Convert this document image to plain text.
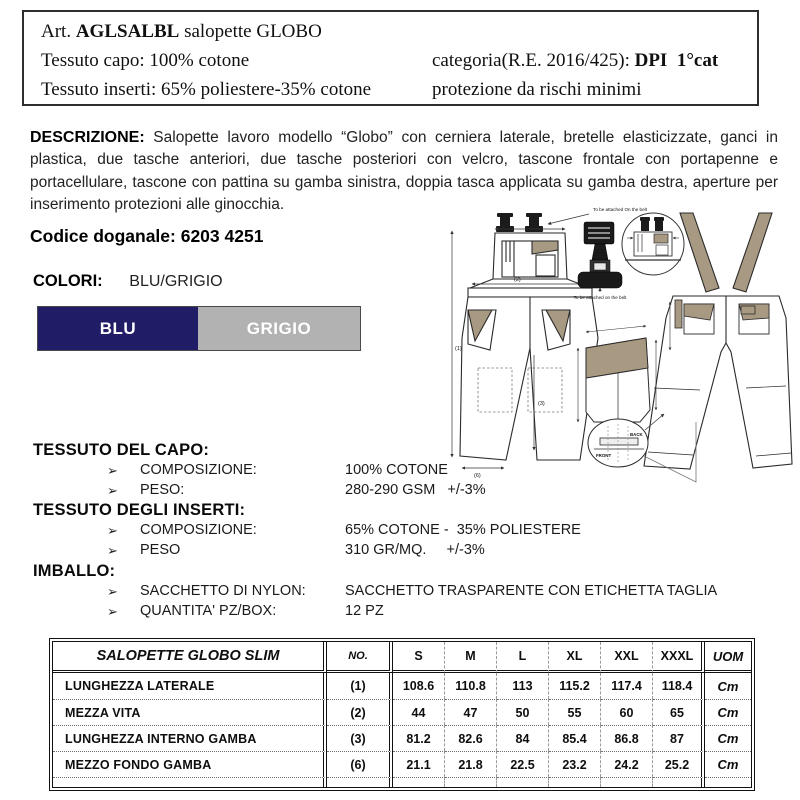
Art. AGLSALBL salopette GLOBO
Tessuto capo: 100% cotone	categoria(R.E. 2016/425): DPI  1°cat
Tessuto inserti: 65% poliestere-35% cotone	protezione da rischi minimi
DESCRIZIONE: Salopette lavoro modello “Globo” con cerniera laterale, bretelle elasticizzate, ganci in plastica, due tasche anteriori, due tasche posteriori con velcro, tascone frontale con portapenne e portacellulare, tascone con pattina su gamba sinistra, doppia tasca applicata su gamba destra, aperture per inserimento protezioni alle ginocchia.
Codice doganale: 6203 4251
COLORI: BLU/GRIGIO
BLU	GRIGIO
(1)
(2)
(3)
(6)
To be attached On the belt
To be attached on the belt
BACK
FRONT
TESSUTO DEL CAPO:
➢	COMPOSIZIONE:	100% COTONE
➢	PESO:	280-290 GSM   +/-3%
TESSUTO DEGLI INSERTI:
➢	COMPOSIZIONE:	65% COTONE -  35% POLIESTERE
➢	PESO	310 GR/MQ.     +/-3%
IMBALLO:
➢	SACCHETTO DI NYLON:	SACCHETTO TRASPARENTE CON ETICHETTA TAGLIA
➢	QUANTITA' PZ/BOX:	12 PZ
SALOPETTE GLOBO SLIM	NO.	S	M	L	XL	XXL	XXXL	UOM
LUNGHEZZA LATERALE	(1)	108.6	110.8	113	115.2	117.4	118.4	Cm
MEZZA VITA	(2)	44	47	50	55	60	65	Cm
LUNGHEZZA INTERNO GAMBA	(3)	81.2	82.6	84	85.4	86.8	87	Cm
MEZZO FONDO GAMBA	(6)	21.1	21.8	22.5	23.2	24.2	25.2	Cm
